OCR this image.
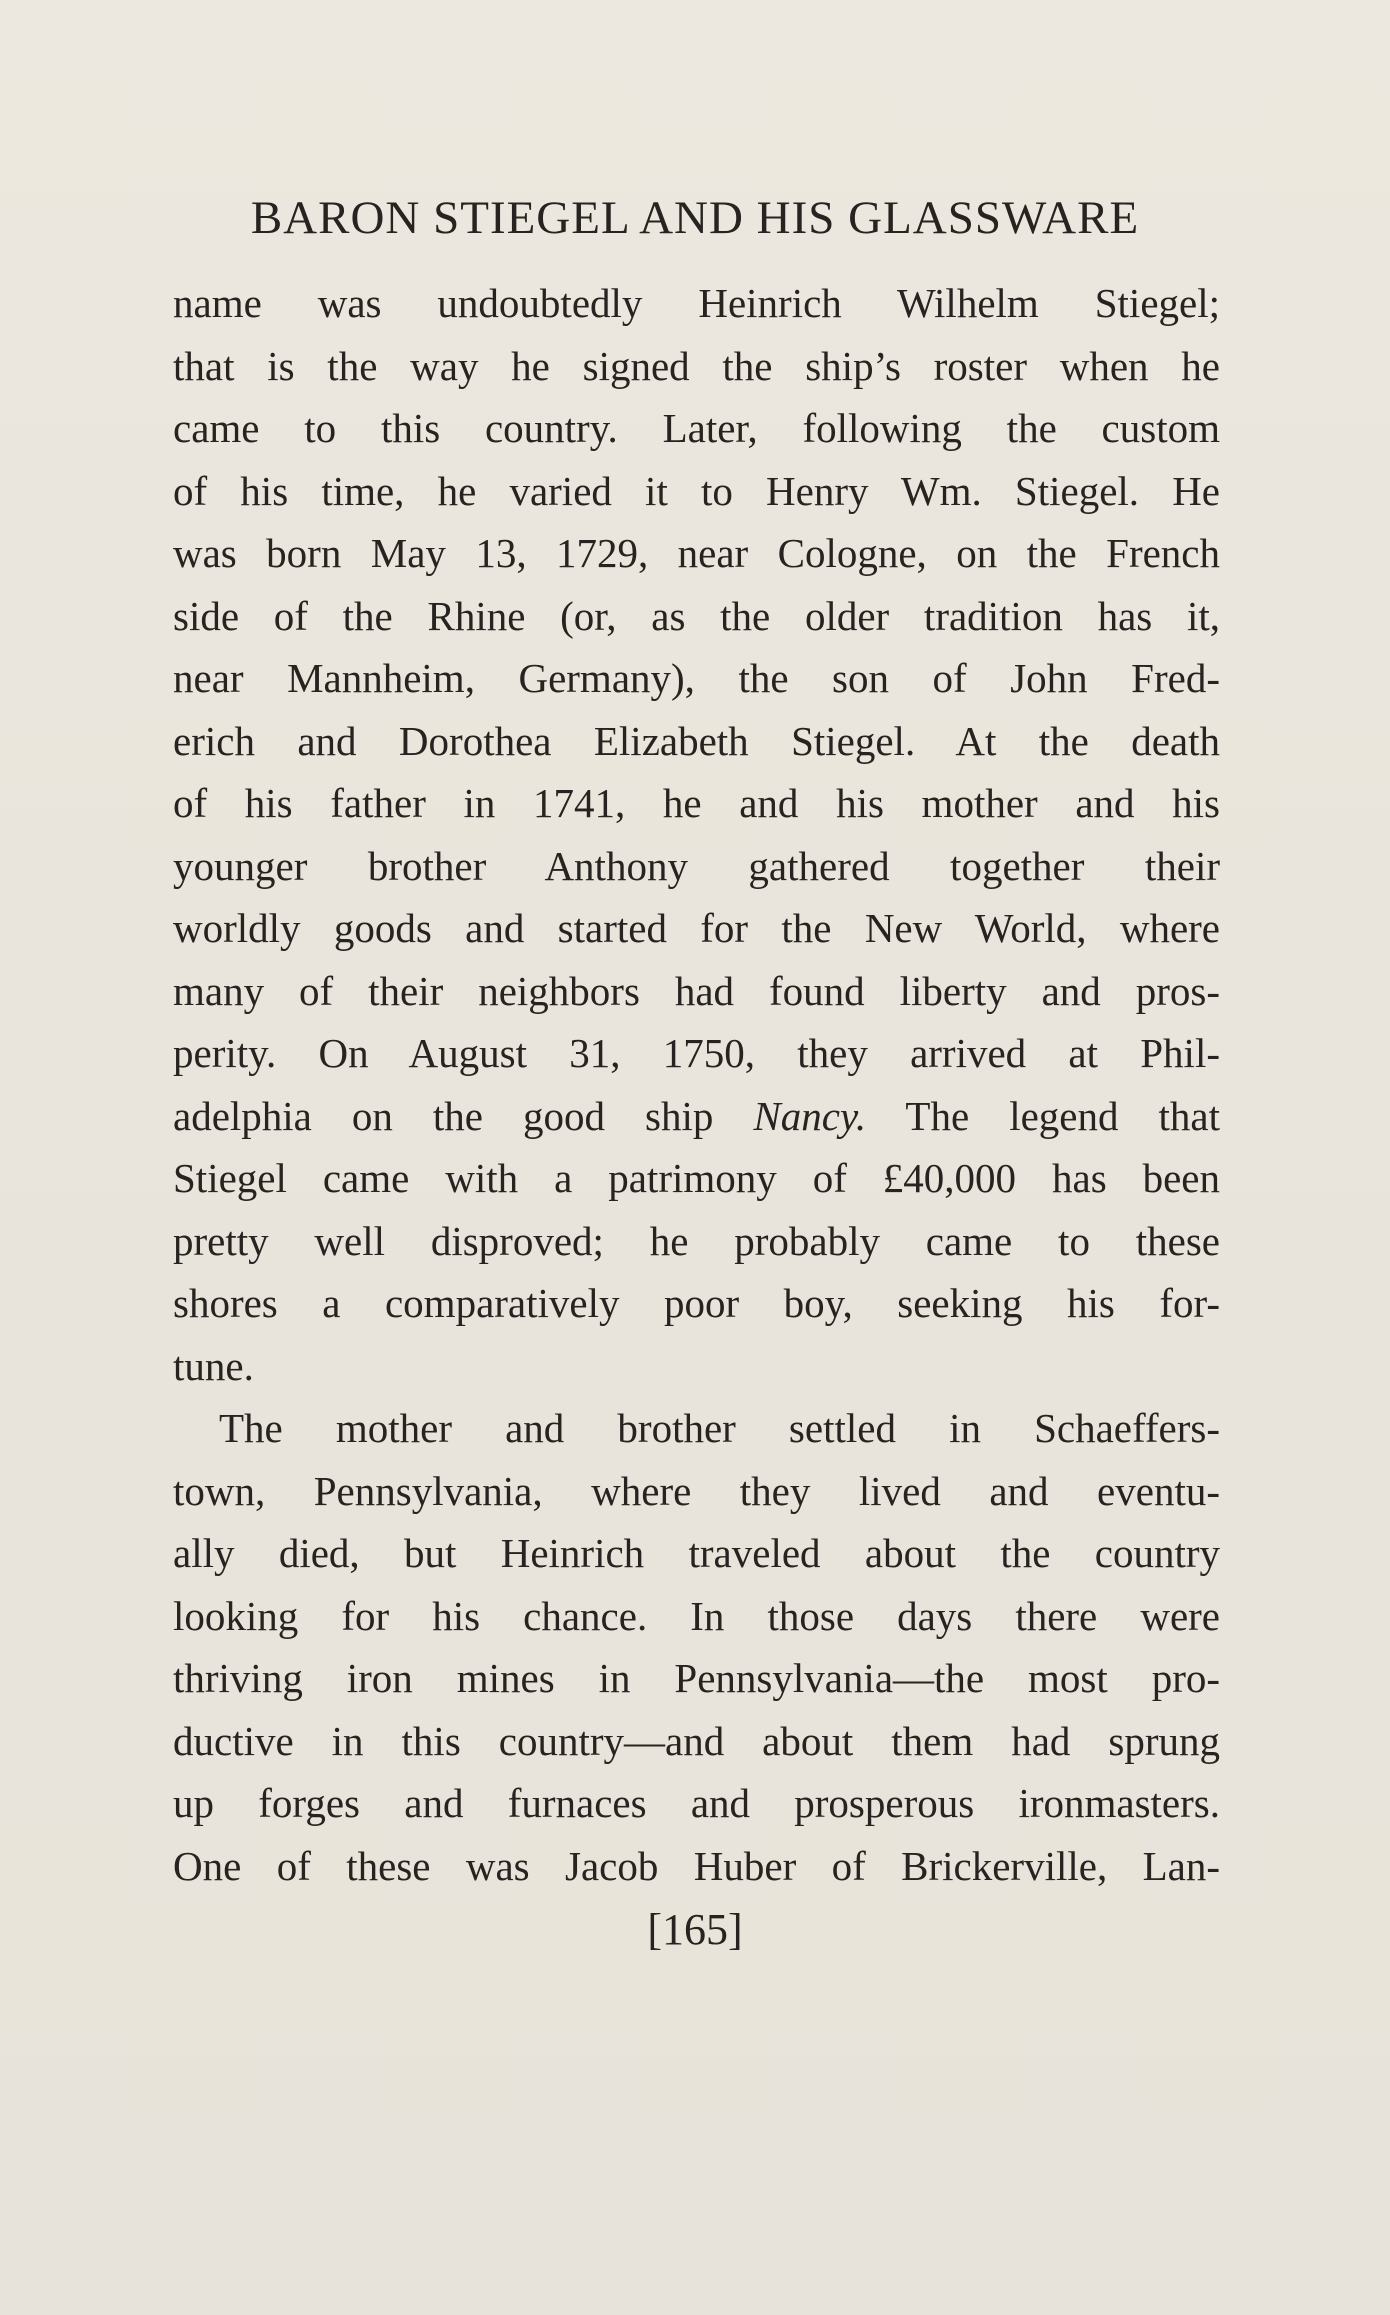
BARON STIEGEL AND HIS GLASSWARE
name was undoubtedly Heinrich Wilhelm Stiegel;
that is the way he signed the ship’s roster when he
came to this country. Later, following the custom
of his time, he varied it to Henry Wm. Stiegel. He
was born May 13, 1729, near Cologne, on the French
side of the Rhine (or, as the older tradition has it,
near Mannheim, Germany), the son of John Fred-
erich and Dorothea Elizabeth Stiegel. At the death
of his father in 1741, he and his mother and his
younger brother Anthony gathered together their
worldly goods and started for the New World, where
many of their neighbors had found liberty and pros-
perity. On August 31, 1750, they arrived at Phil-
adelphia on the good ship Nancy. The legend that
Stiegel came with a patrimony of £40,000 has been
pretty well disproved; he probably came to these
shores a comparatively poor boy, seeking his for-
tune.
The mother and brother settled in Schaeffers-
town, Pennsylvania, where they lived and eventu-
ally died, but Heinrich traveled about the country
looking for his chance. In those days there were
thriving iron mines in Pennsylvania—the most pro-
ductive in this country—and about them had sprung
up forges and furnaces and prosperous ironmasters.
One of these was Jacob Huber of Brickerville, Lan-
[165]
